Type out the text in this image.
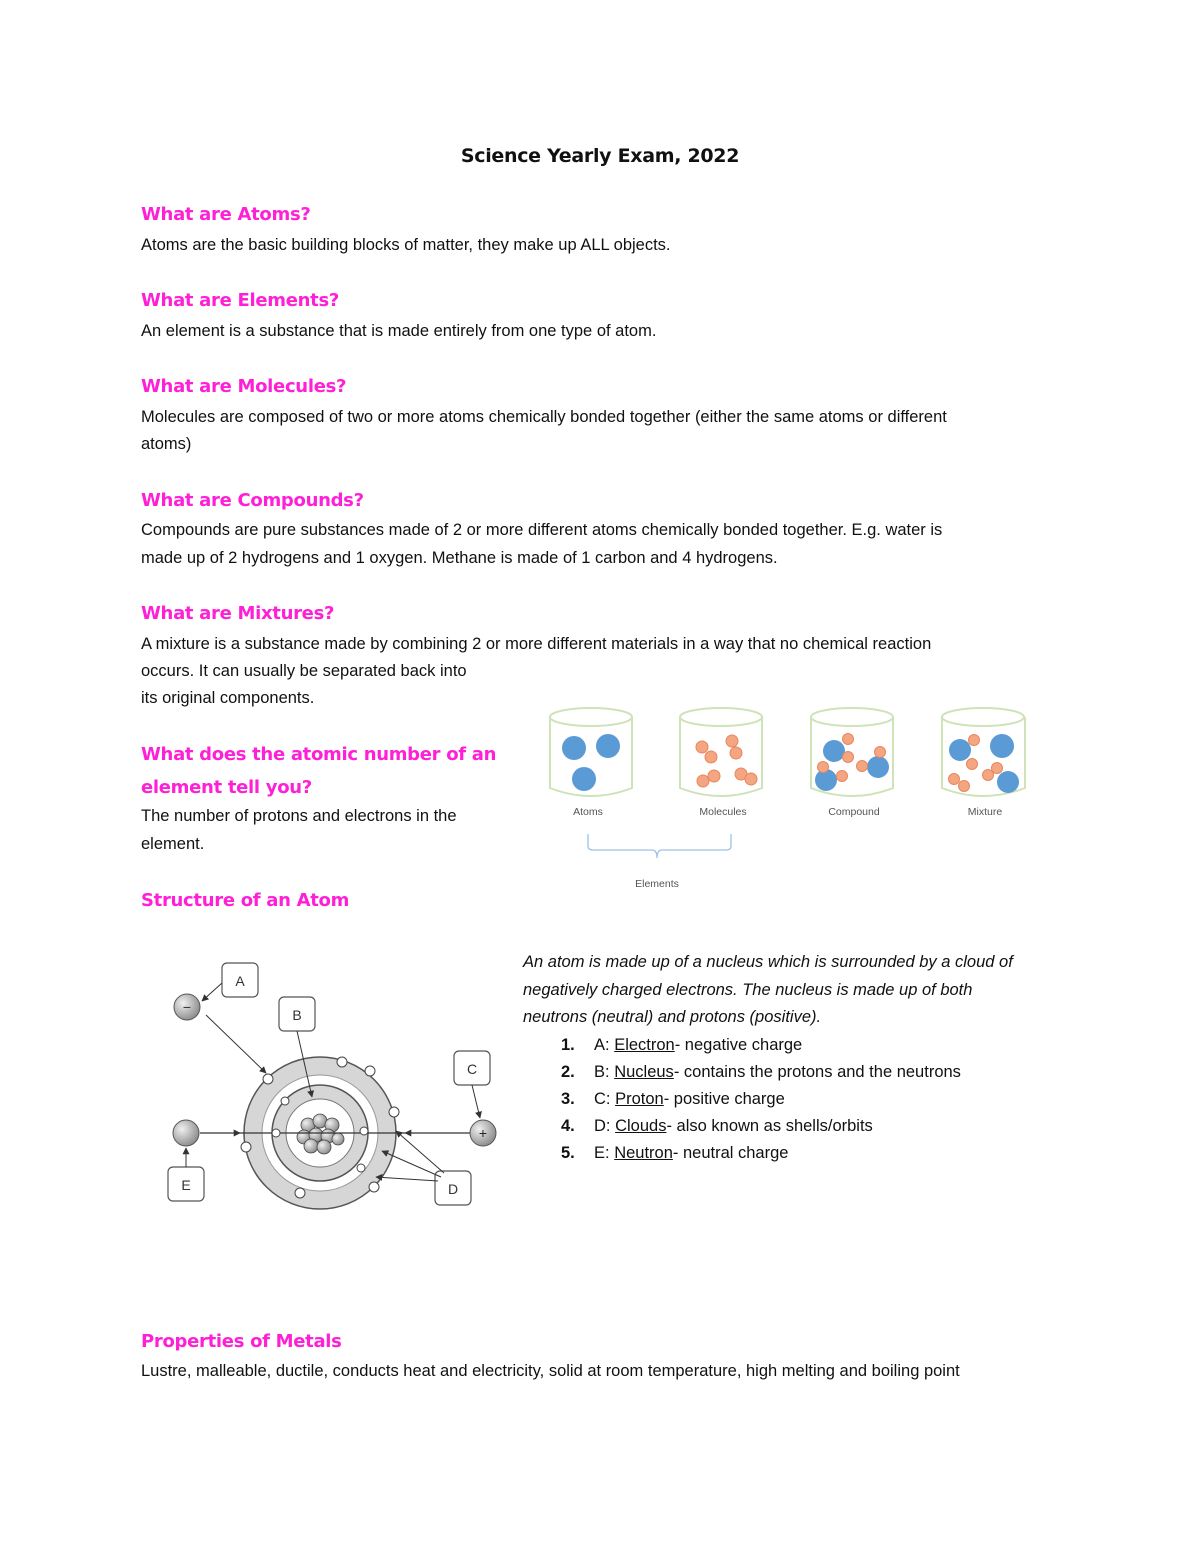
Science Yearly Exam, 2022
What are Atoms?
Atoms are the basic building blocks of matter, they make up ALL objects.
What are Elements?
An element is a substance that is made entirely from one type of atom.
What are Molecules?
Molecules are composed of two or more atoms chemically bonded together (either the same atoms or different
atoms)
What are Compounds?
Compounds are pure substances made of 2 or more different atoms chemically bonded together. E.g. water is
made up of 2 hydrogens and 1 oxygen. Methane is made of 1 carbon and 4 hydrogens.
What are Mixtures?
A mixture is a substance made by combining 2 or more different materials in a way that no chemical reaction
occurs. It can usually be separated back into
its original components.
What does the atomic number of an
element tell you?
The number of protons and electrons in the
element.
Atoms	Molecules	Compound	Mixture
Elements
Structure of an Atom
−
+
A
B
C
D
E
An atom is made up of a nucleus which is surrounded by a cloud of
negatively charged electrons. The nucleus is made up of both
neutrons (neutral) and protons (positive).
1. A: Electron- negative charge
2. B: Nucleus- contains the protons and the neutrons
3. C: Proton- positive charge
4. D: Clouds- also known as shells/orbits
5. E: Neutron- neutral charge
Properties of Metals
Lustre, malleable, ductile, conducts heat and electricity, solid at room temperature, high melting and boiling point
